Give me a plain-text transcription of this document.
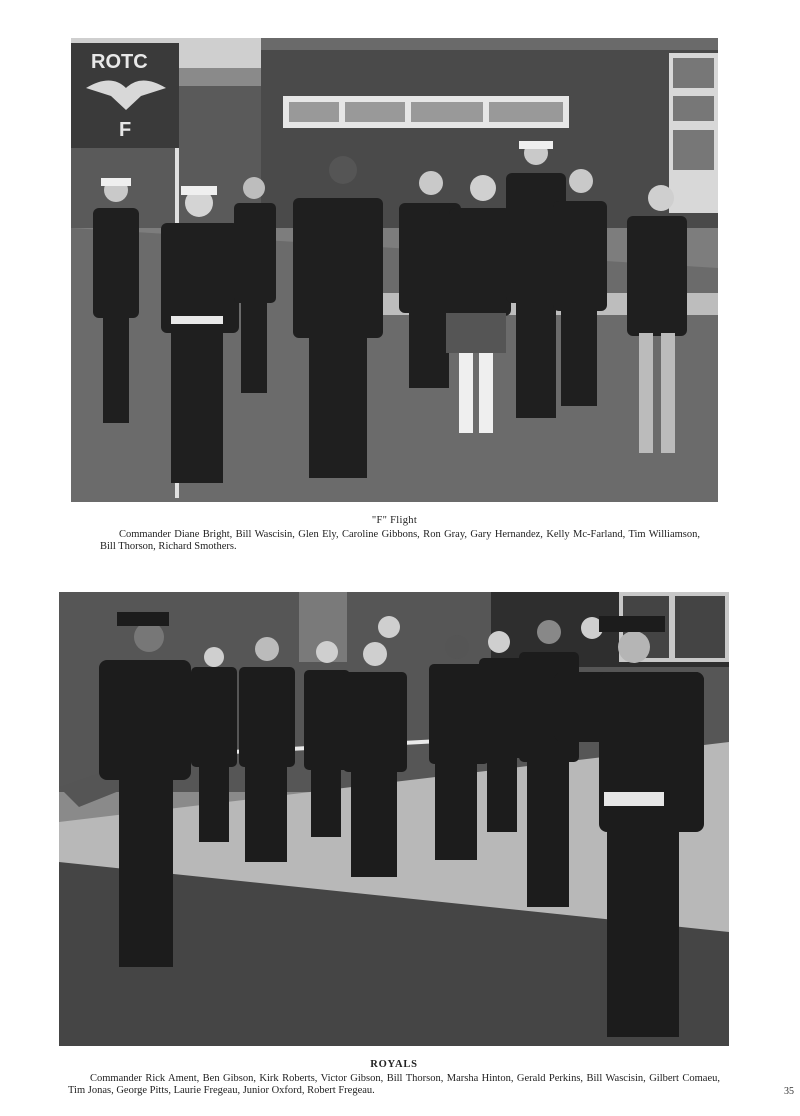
ROTC
F
"F" Flight
Commander Diane Bright, Bill Wascisin, Glen Ely, Caroline Gibbons, Ron Gray, Gary Hernandez, Kelly Mc-Farland, Tim Williamson, Bill Thorson, Richard Smothers.
ROYALS
Commander Rick Ament, Ben Gibson, Kirk Roberts, Victor Gibson, Bill Thorson, Marsha Hinton, Gerald Perkins, Bill Wascisin, Gilbert Comaeu, Tim Jonas, George Pitts, Laurie Fregeau, Junior Oxford, Robert Fregeau.	35
